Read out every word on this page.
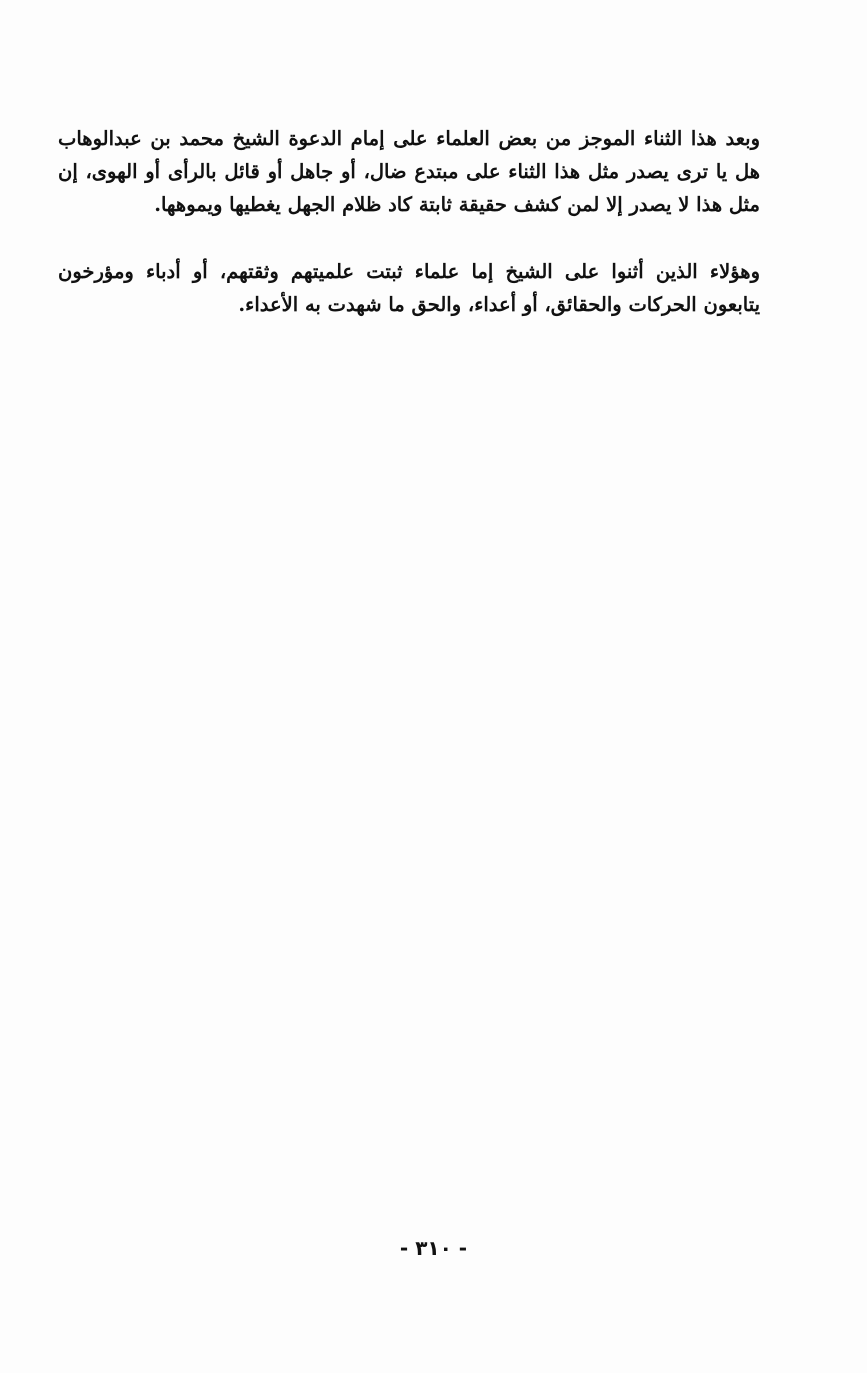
وبعد هذا الثناء الموجز من بعض العلماء على إمام الدعوة الشيخ محمد بن عبدالوهاب
هل يا ترى يصدر مثل هذا الثناء على مبتدع ضال، أو جاهل أو قائل بالرأى أو الهوى، إن
مثل هذا لا يصدر إلا لمن كشف حقيقة ثابتة كاد ظلام الجهل يغطيها ويموهها.
وهؤلاء الذين أثنوا على الشيخ إما علماء ثبتت علميتهم وثقتهم، أو أدباء ومؤرخون
يتابعون الحركات والحقائق، أو أعداء، والحق ما شهدت به الأعداء.
- ٣١٠ -
